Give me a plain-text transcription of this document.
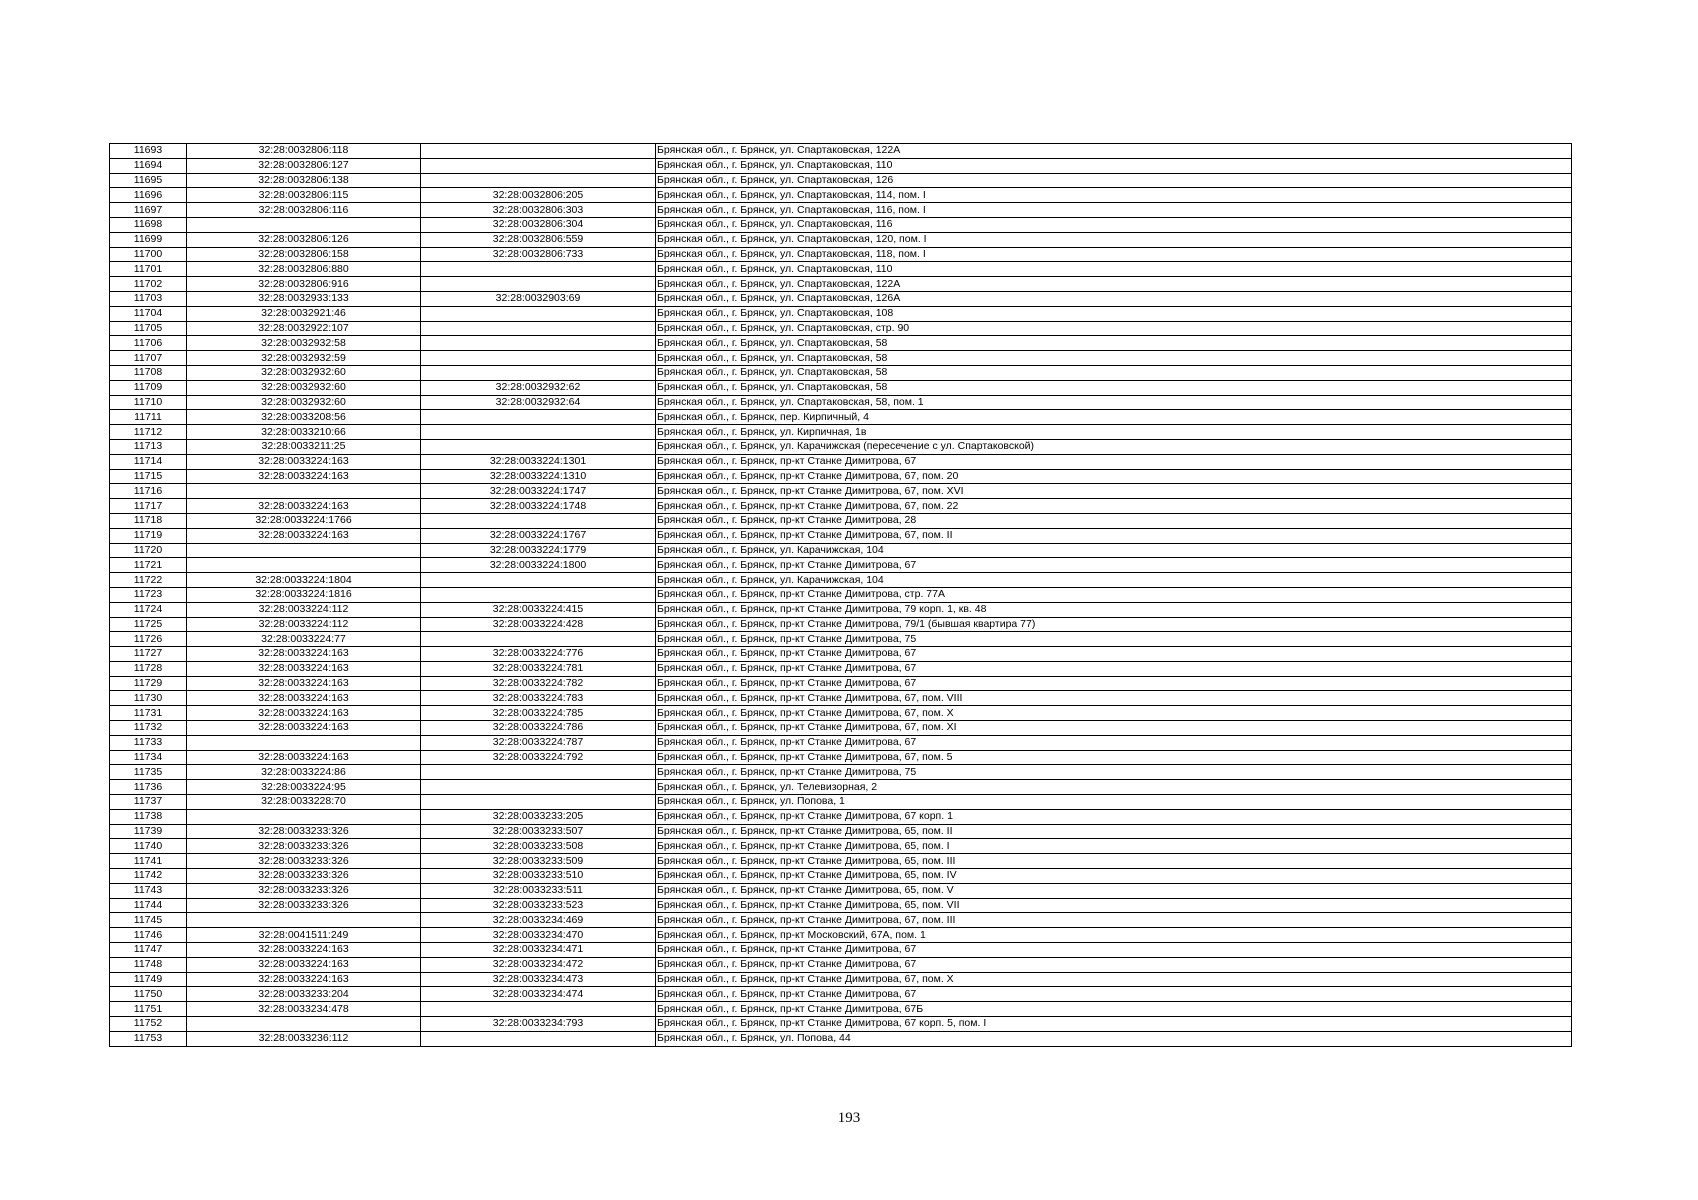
11693	32:28:0032806:118		Брянская обл., г. Брянск, ул. Спартаковская, 122А
11694	32:28:0032806:127		Брянская обл., г. Брянск, ул. Спартаковская, 110
11695	32:28:0032806:138		Брянская обл., г. Брянск, ул. Спартаковская, 126
11696	32:28:0032806:115	32:28:0032806:205	Брянская обл., г. Брянск, ул. Спартаковская, 114, пом. I
11697	32:28:0032806:116	32:28:0032806:303	Брянская обл., г. Брянск, ул. Спартаковская, 116, пом. I
11698		32:28:0032806:304	Брянская обл., г. Брянск, ул. Спартаковская, 116
11699	32:28:0032806:126	32:28:0032806:559	Брянская обл., г. Брянск, ул. Спартаковская, 120, пом. I
11700	32:28:0032806:158	32:28:0032806:733	Брянская обл., г. Брянск, ул. Спартаковская, 118, пом. I
11701	32:28:0032806:880		Брянская обл., г. Брянск, ул. Спартаковская, 110
11702	32:28:0032806:916		Брянская обл., г. Брянск, ул. Спартаковская, 122А
11703	32:28:0032933:133	32:28:0032903:69	Брянская обл., г. Брянск, ул. Спартаковская, 126А
11704	32:28:0032921:46		Брянская обл., г. Брянск, ул. Спартаковская, 108
11705	32:28:0032922:107		Брянская обл., г. Брянск, ул. Спартаковская, стр. 90
11706	32:28:0032932:58		Брянская обл., г. Брянск, ул. Спартаковская, 58
11707	32:28:0032932:59		Брянская обл., г. Брянск, ул. Спартаковская, 58
11708	32:28:0032932:60		Брянская обл., г. Брянск, ул. Спартаковская, 58
11709	32:28:0032932:60	32:28:0032932:62	Брянская обл., г. Брянск, ул. Спартаковская, 58
11710	32:28:0032932:60	32:28:0032932:64	Брянская обл., г. Брянск, ул. Спартаковская, 58, пом. 1
11711	32:28:0033208:56		Брянская обл., г. Брянск, пер. Кирпичный, 4
11712	32:28:0033210:66		Брянская обл., г. Брянск, ул. Кирпичная, 1в
11713	32:28:0033211:25		Брянская обл., г. Брянск, ул. Карачижская (пересечение с ул. Спартаковской)
11714	32:28:0033224:163	32:28:0033224:1301	Брянская обл., г. Брянск, пр-кт Станке Димитрова, 67
11715	32:28:0033224:163	32:28:0033224:1310	Брянская обл., г. Брянск, пр-кт Станке Димитрова, 67, пом. 20
11716		32:28:0033224:1747	Брянская обл., г. Брянск, пр-кт Станке Димитрова, 67, пом. XVI
11717	32:28:0033224:163	32:28:0033224:1748	Брянская обл., г. Брянск, пр-кт Станке Димитрова, 67, пом. 22
11718	32:28:0033224:1766		Брянская обл., г. Брянск, пр-кт Станке Димитрова, 28
11719	32:28:0033224:163	32:28:0033224:1767	Брянская обл., г. Брянск, пр-кт Станке Димитрова, 67, пом. II
11720		32:28:0033224:1779	Брянская обл., г. Брянск, ул. Карачижская, 104
11721		32:28:0033224:1800	Брянская обл., г. Брянск, пр-кт Станке Димитрова, 67
11722	32:28:0033224:1804		Брянская обл., г. Брянск, ул. Карачижская, 104
11723	32:28:0033224:1816		Брянская обл., г. Брянск, пр-кт Станке Димитрова, стр. 77А
11724	32:28:0033224:112	32:28:0033224:415	Брянская обл., г. Брянск, пр-кт Станке Димитрова, 79 корп. 1, кв. 48
11725	32:28:0033224:112	32:28:0033224:428	Брянская обл., г. Брянск, пр-кт Станке Димитрова, 79/1 (бывшая квартира 77)
11726	32:28:0033224:77		Брянская обл., г. Брянск, пр-кт Станке Димитрова, 75
11727	32:28:0033224:163	32:28:0033224:776	Брянская обл., г. Брянск, пр-кт Станке Димитрова, 67
11728	32:28:0033224:163	32:28:0033224:781	Брянская обл., г. Брянск, пр-кт Станке Димитрова, 67
11729	32:28:0033224:163	32:28:0033224:782	Брянская обл., г. Брянск, пр-кт Станке Димитрова, 67
11730	32:28:0033224:163	32:28:0033224:783	Брянская обл., г. Брянск, пр-кт Станке Димитрова, 67, пом. VIII
11731	32:28:0033224:163	32:28:0033224:785	Брянская обл., г. Брянск, пр-кт Станке Димитрова, 67, пом. X
11732	32:28:0033224:163	32:28:0033224:786	Брянская обл., г. Брянск, пр-кт Станке Димитрова, 67, пом. XI
11733		32:28:0033224:787	Брянская обл., г. Брянск, пр-кт Станке Димитрова, 67
11734	32:28:0033224:163	32:28:0033224:792	Брянская обл., г. Брянск, пр-кт Станке Димитрова, 67, пом. 5
11735	32:28:0033224:86		Брянская обл., г. Брянск, пр-кт Станке Димитрова, 75
11736	32:28:0033224:95		Брянская обл., г. Брянск, ул. Телевизорная, 2
11737	32:28:0033228:70		Брянская обл., г. Брянск, ул. Попова, 1
11738		32:28:0033233:205	Брянская обл., г. Брянск, пр-кт Станке Димитрова, 67 корп. 1
11739	32:28:0033233:326	32:28:0033233:507	Брянская обл., г. Брянск, пр-кт Станке Димитрова, 65, пом. II
11740	32:28:0033233:326	32:28:0033233:508	Брянская обл., г. Брянск, пр-кт Станке Димитрова, 65, пом. I
11741	32:28:0033233:326	32:28:0033233:509	Брянская обл., г. Брянск, пр-кт Станке Димитрова, 65, пом. III
11742	32:28:0033233:326	32:28:0033233:510	Брянская обл., г. Брянск, пр-кт Станке Димитрова, 65, пом. IV
11743	32:28:0033233:326	32:28:0033233:511	Брянская обл., г. Брянск, пр-кт Станке Димитрова, 65, пом. V
11744	32:28:0033233:326	32:28:0033233:523	Брянская обл., г. Брянск, пр-кт Станке Димитрова, 65, пом. VII
11745		32:28:0033234:469	Брянская обл., г. Брянск, пр-кт Станке Димитрова, 67, пом. III
11746	32:28:0041511:249	32:28:0033234:470	Брянская обл., г. Брянск, пр-кт Московский, 67А, пом. 1
11747	32:28:0033224:163	32:28:0033234:471	Брянская обл., г. Брянск, пр-кт Станке Димитрова, 67
11748	32:28:0033224:163	32:28:0033234:472	Брянская обл., г. Брянск, пр-кт Станке Димитрова, 67
11749	32:28:0033224:163	32:28:0033234:473	Брянская обл., г. Брянск, пр-кт Станке Димитрова, 67, пом. X
11750	32:28:0033233:204	32:28:0033234:474	Брянская обл., г. Брянск, пр-кт Станке Димитрова, 67
11751	32:28:0033234:478		Брянская обл., г. Брянск, пр-кт Станке Димитрова, 67Б
11752		32:28:0033234:793	Брянская обл., г. Брянск, пр-кт Станке Димитрова, 67 корп. 5, пом. I
11753	32:28:0033236:112		Брянская обл., г. Брянск, ул. Попова, 44
193
